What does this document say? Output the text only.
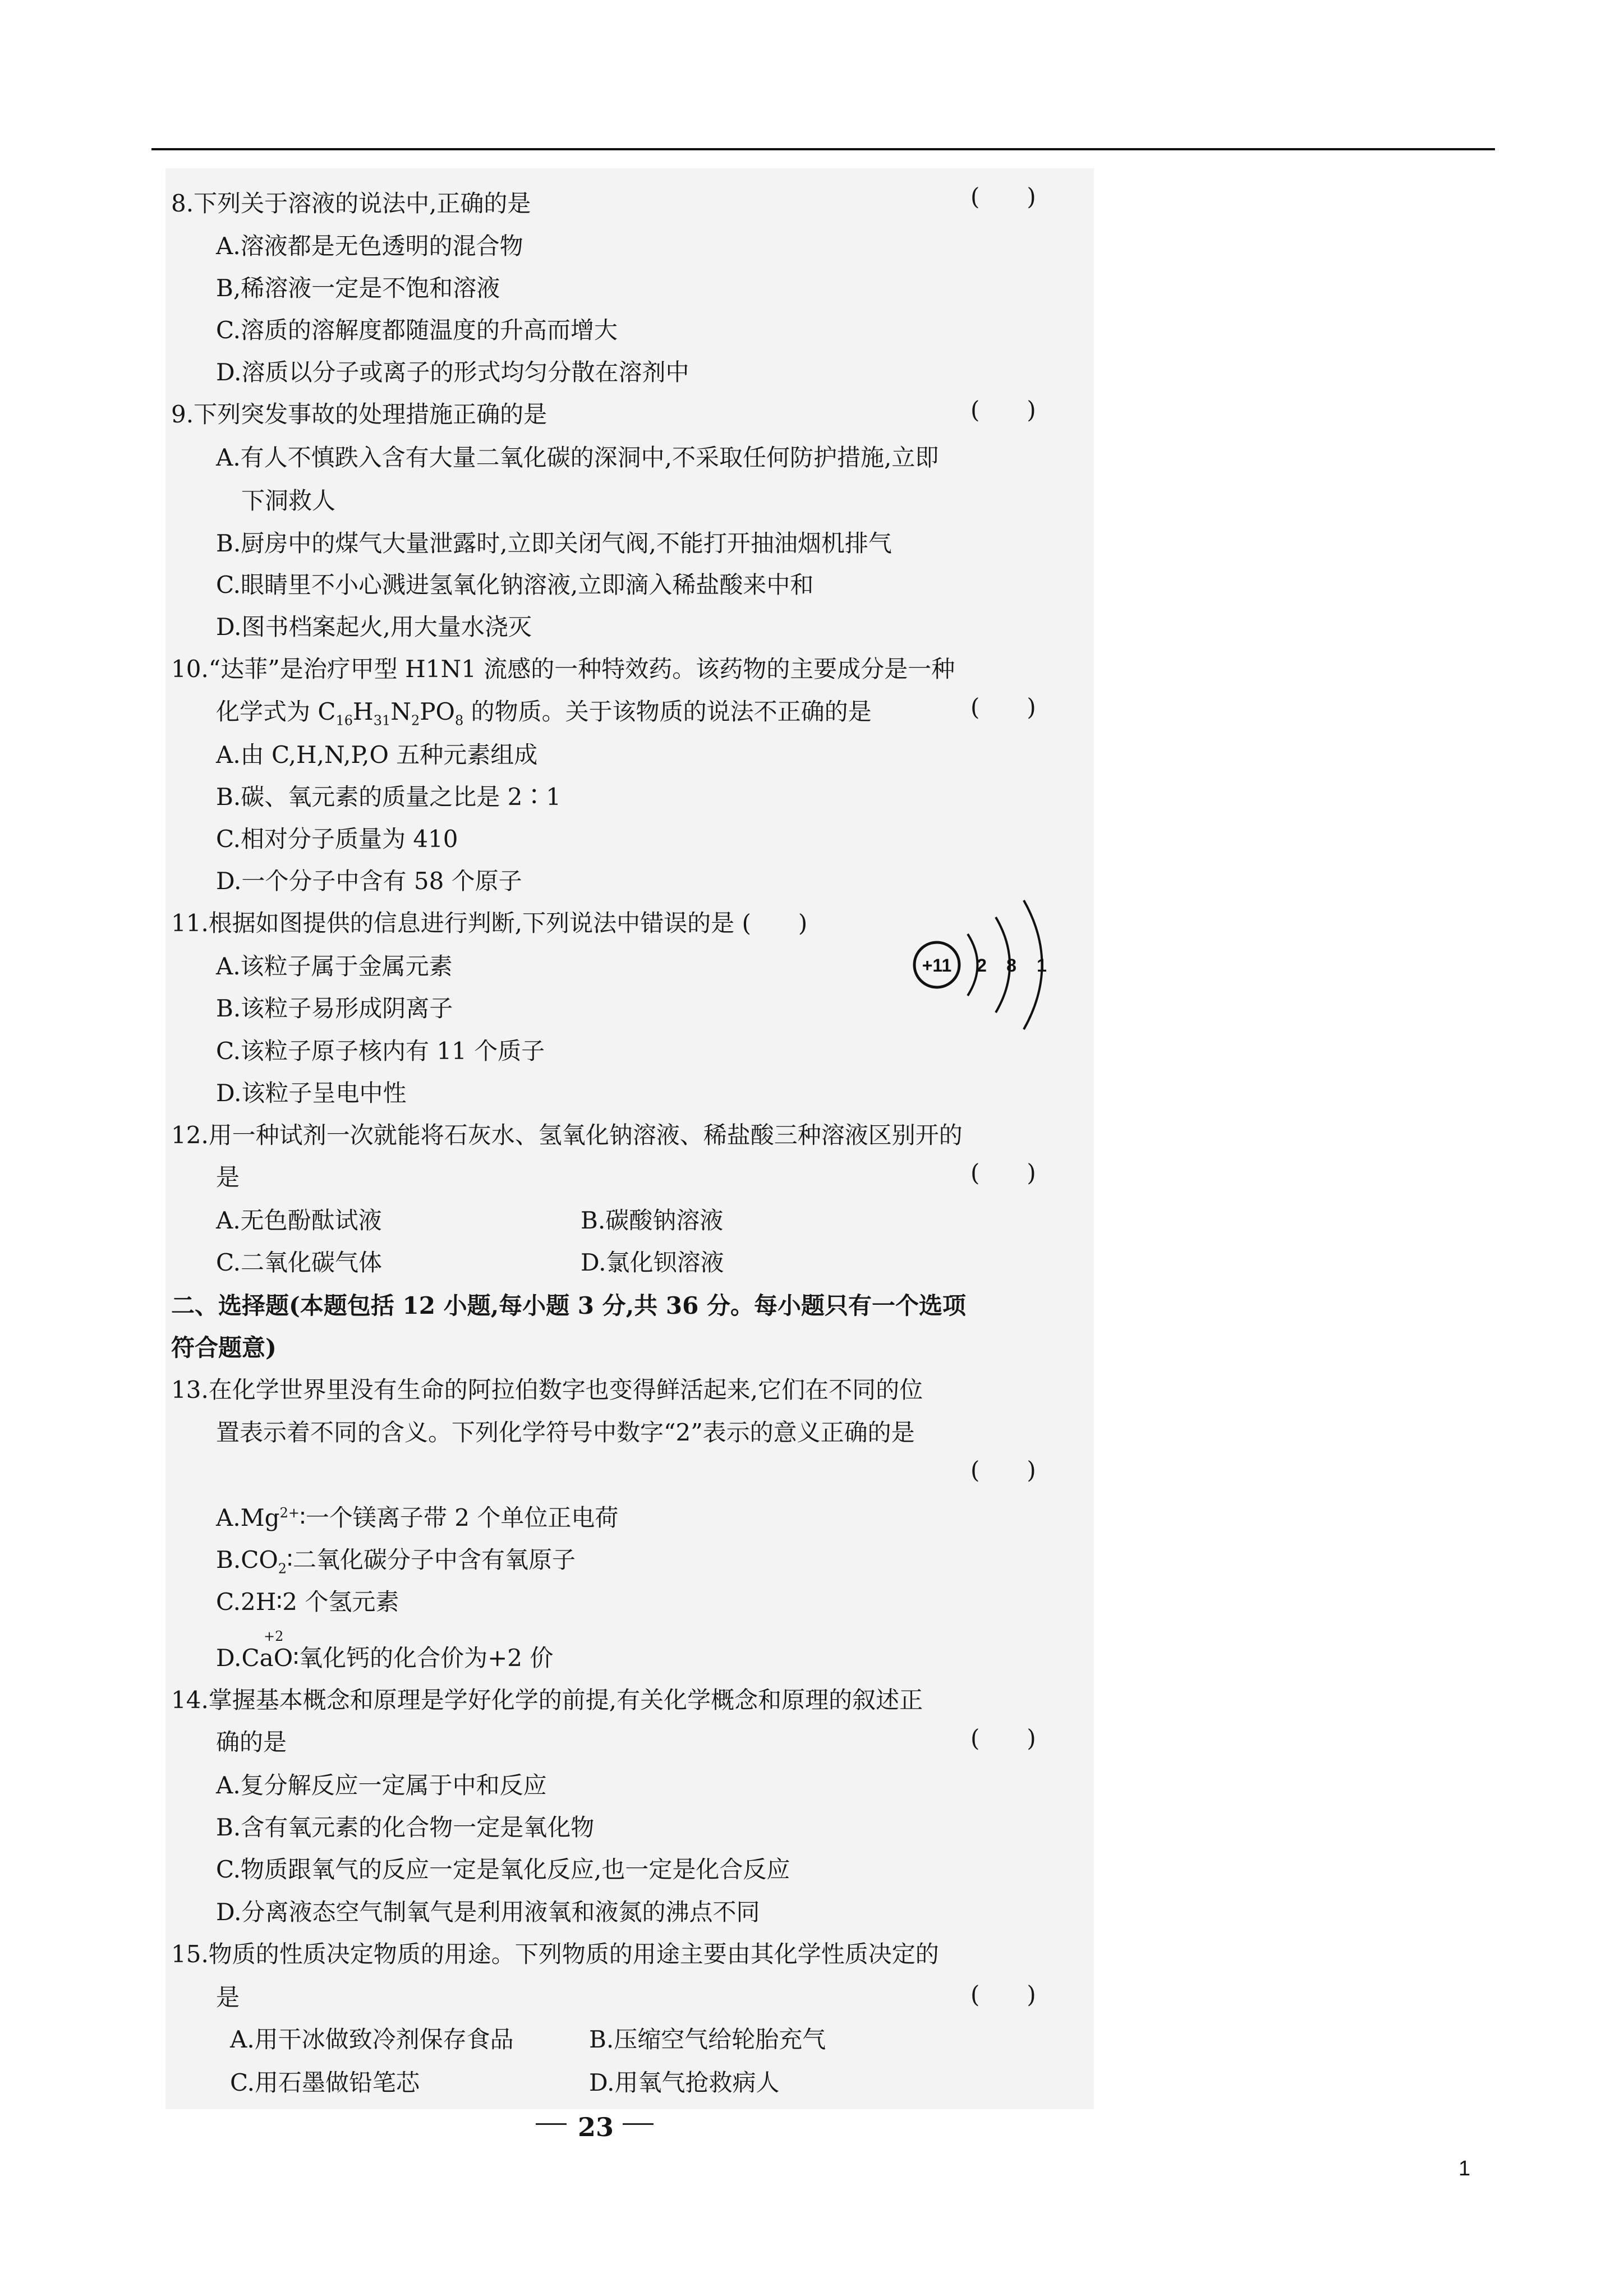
8.下列关于溶液的说法中,正确的是	(　　)
A.溶液都是无色透明的混合物
B,稀溶液一定是不饱和溶液
C.溶质的溶解度都随温度的升高而增大
D.溶质以分子或离子的形式均匀分散在溶剂中
9.下列突发事故的处理措施正确的是	(　　)
A.有人不慎跌入含有大量二氧化碳的深洞中,不采取任何防护措施,立即
下洞救人
B.厨房中的煤气大量泄露时,立即关闭气阀,不能打开抽油烟机排气
C.眼睛里不小心溅进氢氧化钠溶液,立即滴入稀盐酸来中和
D.图书档案起火,用大量水浇灭
10.“达菲”是治疗甲型 H1N1 流感的一种特效药。该药物的主要成分是一种
化学式为 $C_{16}H_{31}N_2PO_8$ 的物质。关于该物质的说法不正确的是	(　　)
A.由 C,H,N,P,O 五种元素组成
B.碳、氧元素的质量之比是 2∶1
C.相对分子质量为 410
D.一个分子中含有 58 个原子
11.根据如图提供的信息进行判断,下列说法中错误的是 (　　)
+11 2 8 1
A.该粒子属于金属元素
B.该粒子易形成阴离子
C.该粒子原子核内有 11 个质子
D.该粒子呈电中性
12.用一种试剂一次就能将石灰水、氢氧化钠溶液、稀盐酸三种溶液区别开的
是	(　　)
A.无色酚酞试液	B.碳酸钠溶液
C.二氧化碳气体	D.氯化钡溶液
二、选择题(本题包括 12 小题,每小题 3 分,共 36 分。每小题只有一个选项
符合题意)
13.在化学世界里没有生命的阿拉伯数字也变得鲜活起来,它们在不同的位
置表示着不同的含义。下列化学符号中数字“2”表示的意义正确的是
(　　)
$A.Mg^{2+}∶$一个镁离子带 2 个单位正电荷
$B.CO_2∶$二氧化碳分子中含有氧原子
C.2H∶2 个氢元素
D.CaO∶氧化钙的化合价为+2 价
+2
14.掌握基本概念和原理是学好化学的前提,有关化学概念和原理的叙述正
确的是	(　　)
A.复分解反应一定属于中和反应
B.含有氧元素的化合物一定是氧化物
C.物质跟氧气的反应一定是氧化反应,也一定是化合反应
D.分离液态空气制氧气是利用液氧和液氮的沸点不同
15.物质的性质决定物质的用途。下列物质的用途主要由其化学性质决定的
是	(　　)
A.用干冰做致冷剂保存食品	B.压缩空气给轮胎充气
C.用石墨做铅笔芯	D.用氧气抢救病人
23
1
